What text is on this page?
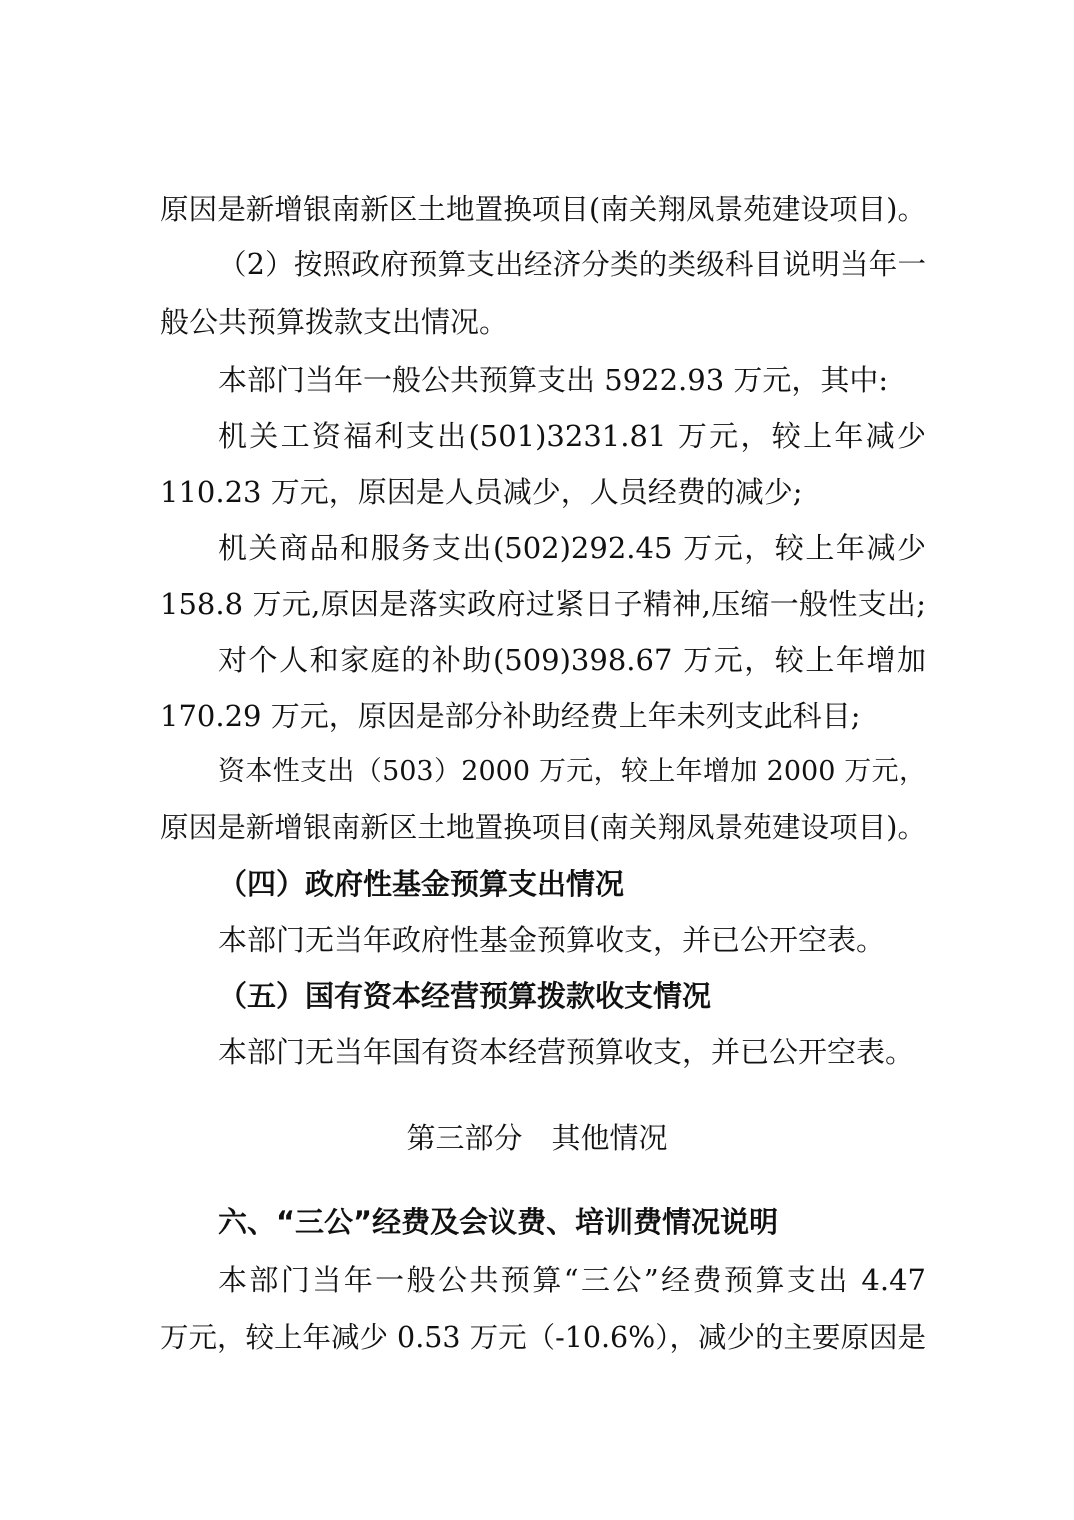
原因是新增银南新区土地置换项目(南关翔凤景苑建设项目)。
（2）按照政府预算支出经济分类的类级科目说明当年一
般公共预算拨款支出情况。
本部门当年一般公共预算支出 5922.93 万元，其中:
机关工资福利支出(501)3231.81 万元，较上年减少
110.23 万元，原因是人员减少，人员经费的减少;
机关商品和服务支出(502)292.45 万元，较上年减少
158.8 万元,原因是落实政府过紧日子精神,压缩一般性支出;
对个人和家庭的补助(509)398.67 万元，较上年增加
170.29 万元，原因是部分补助经费上年未列支此科目;
资本性支出（503）2000 万元，较上年增加 2000 万元，
原因是新增银南新区土地置换项目(南关翔凤景苑建设项目)。
（四）政府性基金预算支出情况
本部门无当年政府性基金预算收支，并已公开空表。
（五）国有资本经营预算拨款收支情况
本部门无当年国有资本经营预算收支，并已公开空表。
第三部分　其他情况
六、“三公”经费及会议费、培训费情况说明
本部门当年一般公共预算“三公”经费预算支出 4.47
万元，较上年减少 0.53 万元（-10.6%），减少的主要原因是
